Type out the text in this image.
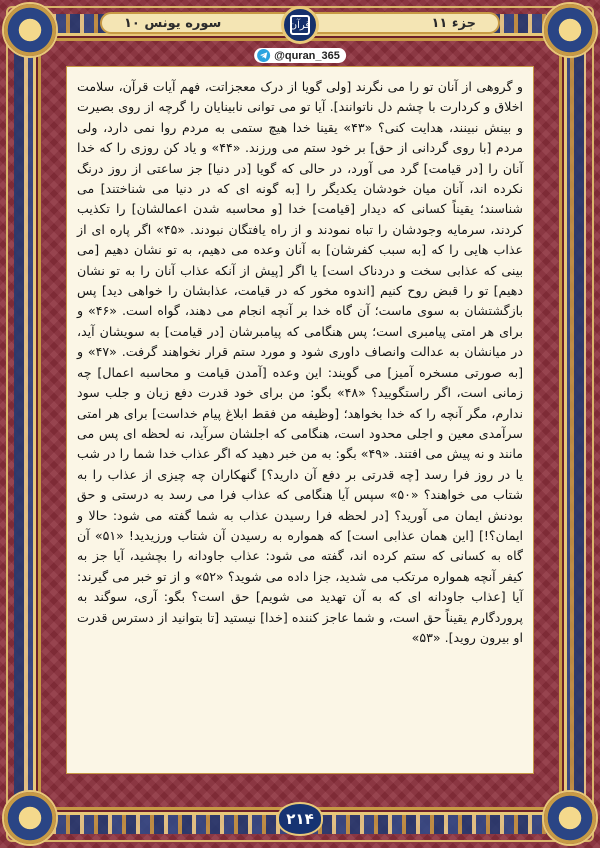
جزء ۱۱
سوره یونس ۱۰	قرآن
@quran_365

و گروهی از آنان تو را می نگرند [ولی گویا از درک معجزاتت، فهم آیات قرآن، سلامت اخلاق و کردارت با چشم دل ناتوانند]. آیا تو می توانی نابینایان را گرچه از روی بصیرت و بینش نبینند، هدایت کنی؟ «۴۳» یقینا خدا هیچ ستمی به مردم روا نمی دارد، ولی مردم [با روی گردانی از حق] بر خود ستم می ورزند. «۴۴» و یاد کن روزی را که خدا آنان را [در قیامت] گرد می آورد، در حالی که گویا [در دنیا] جز ساعتی از روز درنگ نکرده اند، آنان میان خودشان یکدیگر را [به گونه ای که در دنیا می شناختند] می شناسند؛ یقیناً کسانی که دیدار [قیامت] خدا [و محاسبه شدن اعمالشان] را تکذیب کردند، سرمایه وجودشان را تباه نمودند و از راه یافتگان نبودند. «۴۵» اگر پاره ای از عذاب هایی را که [به سبب کفرشان] به آنان وعده می دهیم، به تو نشان دهیم [می بینی که عذابی سخت و دردناک است] یا اگر [پیش از آنکه عذاب آنان را به تو نشان دهیم] تو را قبض روح کنیم [اندوه مخور که در قیامت، عذابشان را خواهی دید] پس بازگشتشان به سوی ماست؛ آن گاه خدا بر آنچه انجام می دهند، گواه است. «۴۶» و برای هر امتی پیامبری است؛ پس هنگامی که پیامبرشان [در قیامت] به سویشان آید، در میانشان به عدالت وانصاف داوری شود و مورد ستم قرار نخواهند گرفت. «۴۷» و [به صورتی مسخره آمیز] می گویند: این وعده [آمدن قیامت و محاسبه اعمال] چه زمانی است، اگر راستگویید؟ «۴۸» بگو: من برای خود قدرت دفع زیان و جلب سود ندارم، مگر آنچه را که خدا بخواهد؛ [وظیفه من فقط ابلاغ پیام خداست] برای هر امتی سرآمدی معین و اجلی محدود است، هنگامی که اجلشان سرآید، نه لحظه ای پس می مانند و نه پیش می افتند. «۴۹» بگو: به من خبر دهید که اگر عذاب خدا شما را در شب یا در روز فرا رسد [چه قدرتی بر دفع آن دارید؟] گنهکاران چه چیزی از عذاب را به شتاب می خواهند؟ «۵۰» سپس آیا هنگامی که عذاب فرا می رسد به درستی و حق بودنش ایمان می آورید؟ [در لحظه فرا رسیدن عذاب به شما گفته می شود: حالا و ایمان؟!] [این همان عذابی است] که همواره به رسیدن آن شتاب ورزیدید! «۵۱» آن گاه به کسانی که ستم کرده اند، گفته می شود: عذاب جاودانه را بچشید، آیا جز به کیفر آنچه همواره مرتکب می شدید، جزا داده می شوید؟ «۵۲» و از تو خبر می گیرند: آیا [عذاب جاودانه ای که به آن تهدید می شویم] حق است؟ بگو: آری، سوگند به پروردگارم یقیناً حق است، و شما عاجز کننده [خدا] نیستید [تا بتوانید از دسترس قدرت او بیرون روید]. «۵۳»

۲۱۴
